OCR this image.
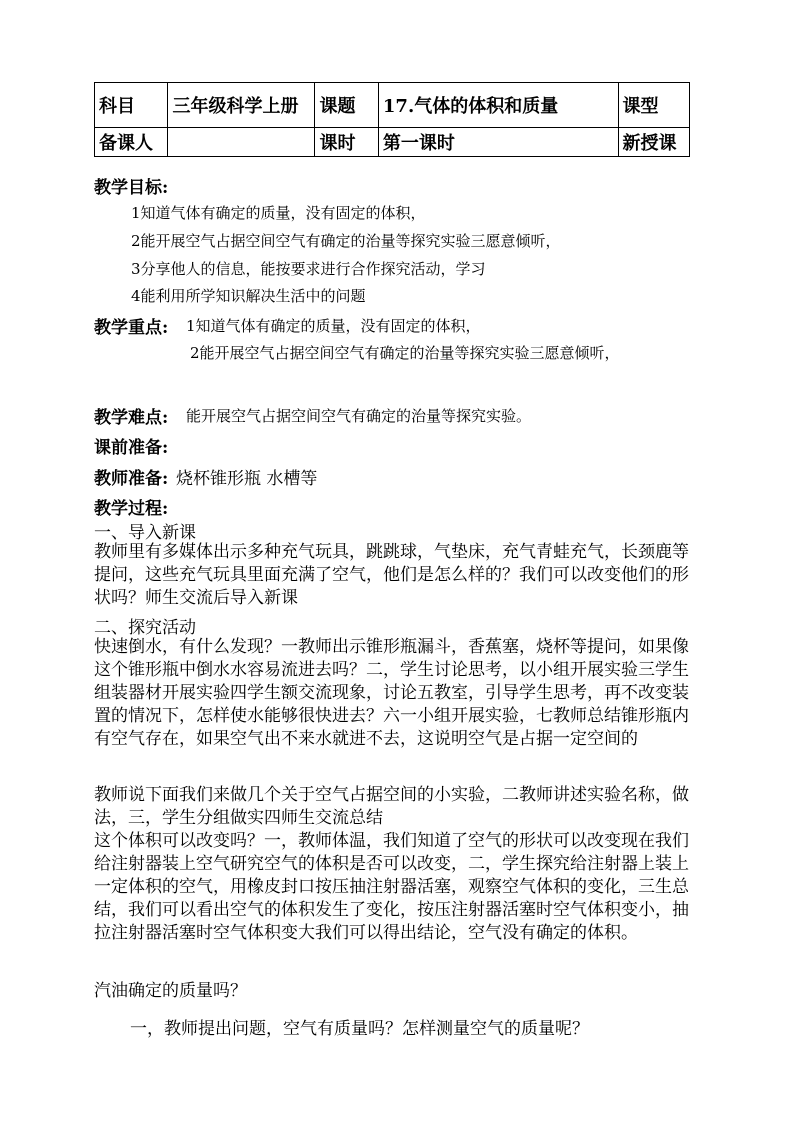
科目	三年级科学上册	课题	17.气体的体积和质量	课型
备课人		课时	第一课时	新授课
教学目标:
1知道气体有确定的质量，没有固定的体积，
2能开展空气占据空间空气有确定的治量等探究实验三愿意倾听，
3分享他人的信息，能按要求进行合作探究活动，学习
4能利用所学知识解决生活中的问题
教学重点: 1知道气体有确定的质量，没有固定的体积，
2能开展空气占据空间空气有确定的治量等探究实验三愿意倾听，
教学难点: 能开展空气占据空间空气有确定的治量等探究实验。
课前准备:
教师准备: 烧杯锥形瓶 水槽等
教学过程:
一、导入新课
教师里有多媒体出示多种充气玩具，跳跳球，气垫床，充气青蛙充气，长颈鹿等提问，这些充气玩具里面充满了空气，他们是怎么样的？我们可以改变他们的形状吗？师生交流后导入新课
二、探究活动
快速倒水，有什么发现？一教师出示锥形瓶漏斗，香蕉塞，烧杯等提问，如果像这个锥形瓶中倒水水容易流进去吗？二，学生讨论思考，以小组开展实验三学生组装器材开展实验四学生额交流现象，讨论五教室，引导学生思考，再不改变装置的情况下，怎样使水能够很快进去？六一小组开展实验，七教师总结锥形瓶内有空气存在，如果空气出不来水就进不去，这说明空气是占据一定空间的
教师说下面我们来做几个关于空气占据空间的小实验，二教师讲述实验名称，做法，三，学生分组做实四师生交流总结
这个体积可以改变吗？一，教师体温，我们知道了空气的形状可以改变现在我们给注射器装上空气研究空气的体积是否可以改变，二，学生探究给注射器上装上一定体积的空气，用橡皮封口按压抽注射器活塞，观察空气体积的变化，三生总结，我们可以看出空气的体积发生了变化，按压注射器活塞时空气体积变小，抽拉注射器活塞时空气体积变大我们可以得出结论，空气没有确定的体积。
汽油确定的质量吗？
一，教师提出问题，空气有质量吗？怎样测量空气的质量呢？
